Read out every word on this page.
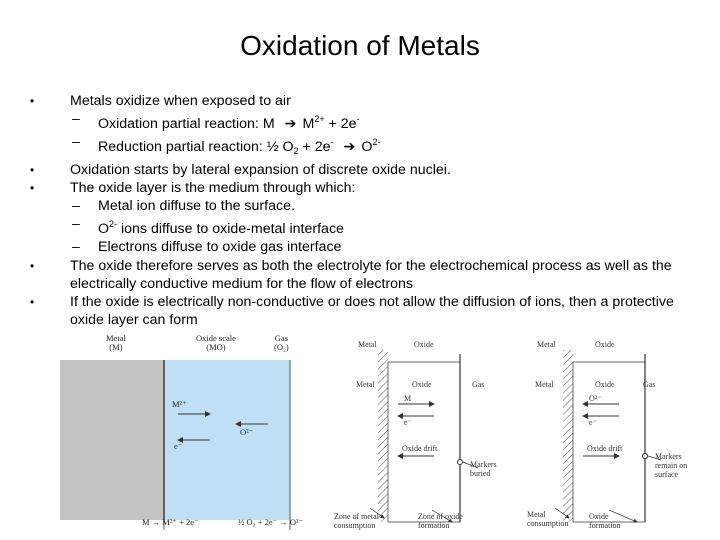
Oxidation of Metals
• Metals oxidize when exposed to air
– Oxidation partial reaction: M ➔ $M^{2+} + 2e^-$
– Reduction partial reaction: ½ $O_2 + 2e^-$ ➔ $O^{2-}$
• Oxidation starts by lateral expansion of discrete oxide nuclei.
• The oxide layer is the medium through which:
– Metal ion diffuse to the surface.
– $O^{2-}$ ions diffuse to oxide-metal interface
– Electrons diffuse to oxide gas interface
• The oxide therefore serves as both the electrolyte for the electrochemical process as well as the electrically conductive medium for the flow of electrons
• If the oxide is electrically non-conductive or does not allow the diffusion of ions, then a protective oxide layer can form
Metal
(M)
Oxide scale
(MO)
Gas
(O₂)
M²⁺
e⁻
O²⁻
M → M²⁺ + 2e⁻	½ O₂ + 2e⁻ → O²⁻
Metal	Oxide
Metal	Oxide	Gas
M
e⁻
Oxide drift
Markers
buried
Zone of metal
consumption
Zone of oxide
formation
Metal	Oxide
Metal	Oxide	Gas
O²⁻
e⁻
Oxide drift
Markers
remain on
surface
Metal
consumption
Oxide
formation
